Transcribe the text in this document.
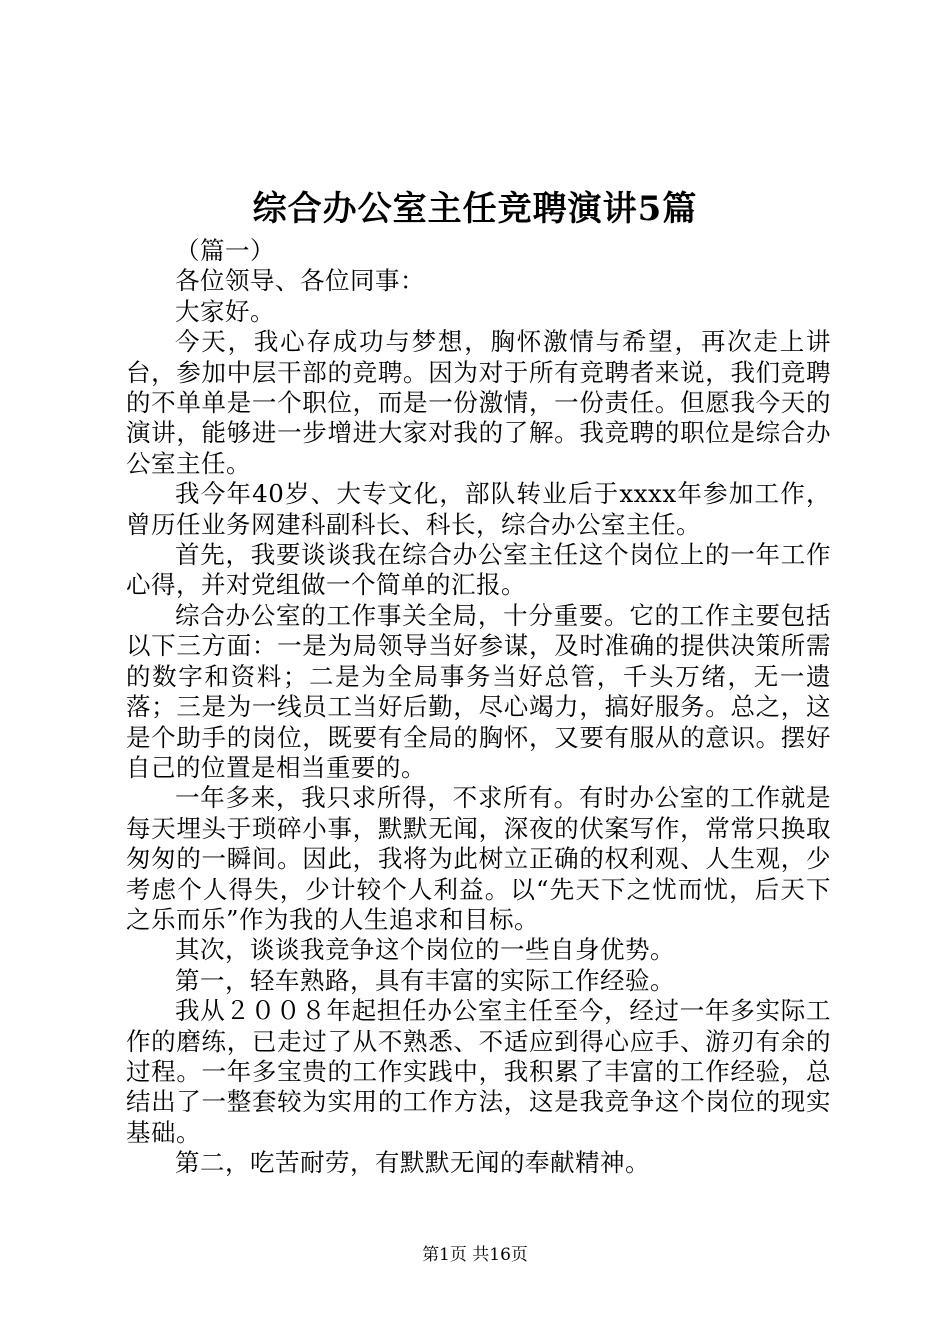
综合办公室主任竞聘演讲5篇

（篇一）

各位领导、各位同事：

大家好。

今天，我心存成功与梦想，胸怀激情与希望，再次走上讲台，参加中层干部的竞聘。因为对于所有竞聘者来说，我们竞聘的不单单是一个职位，而是一份激情，一份责任。但愿我今天的演讲，能够进一步增进大家对我的了解。我竞聘的职位是综合办公室主任。

我今年40岁、大专文化，部队转业后于xxxx年参加工作，曾历任业务网建科副科长、科长，综合办公室主任。

首先，我要谈谈我在综合办公室主任这个岗位上的一年工作心得，并对党组做一个简单的汇报。

综合办公室的工作事关全局，十分重要。它的工作主要包括以下三方面：一是为局领导当好参谋，及时准确的提供决策所需的数字和资料；二是为全局事务当好总管，千头万绪，无一遗落；三是为一线员工当好后勤，尽心竭力，搞好服务。总之，这是个助手的岗位，既要有全局的胸怀，又要有服从的意识。摆好自己的位置是相当重要的。

一年多来，我只求所得，不求所有。有时办公室的工作就是每天埋头于琐碎小事，默默无闻，深夜的伏案写作，常常只换取匆匆的一瞬间。因此，我将为此树立正确的权利观、人生观，少考虑个人得失，少计较个人利益。以“先天下之忧而忧，后天下之乐而乐”作为我的人生追求和目标。

其次，谈谈我竞争这个岗位的一些自身优势。

第一，轻车熟路，具有丰富的实际工作经验。

我从２００８年起担任办公室主任至今，经过一年多实际工作的磨练，已走过了从不熟悉、不适应到得心应手、游刃有余的过程。一年多宝贵的工作实践中，我积累了丰富的工作经验，总结出了一整套较为实用的工作方法，这是我竞争这个岗位的现实基础。

第二，吃苦耐劳，有默默无闻的奉献精神。

第1页 共16页
